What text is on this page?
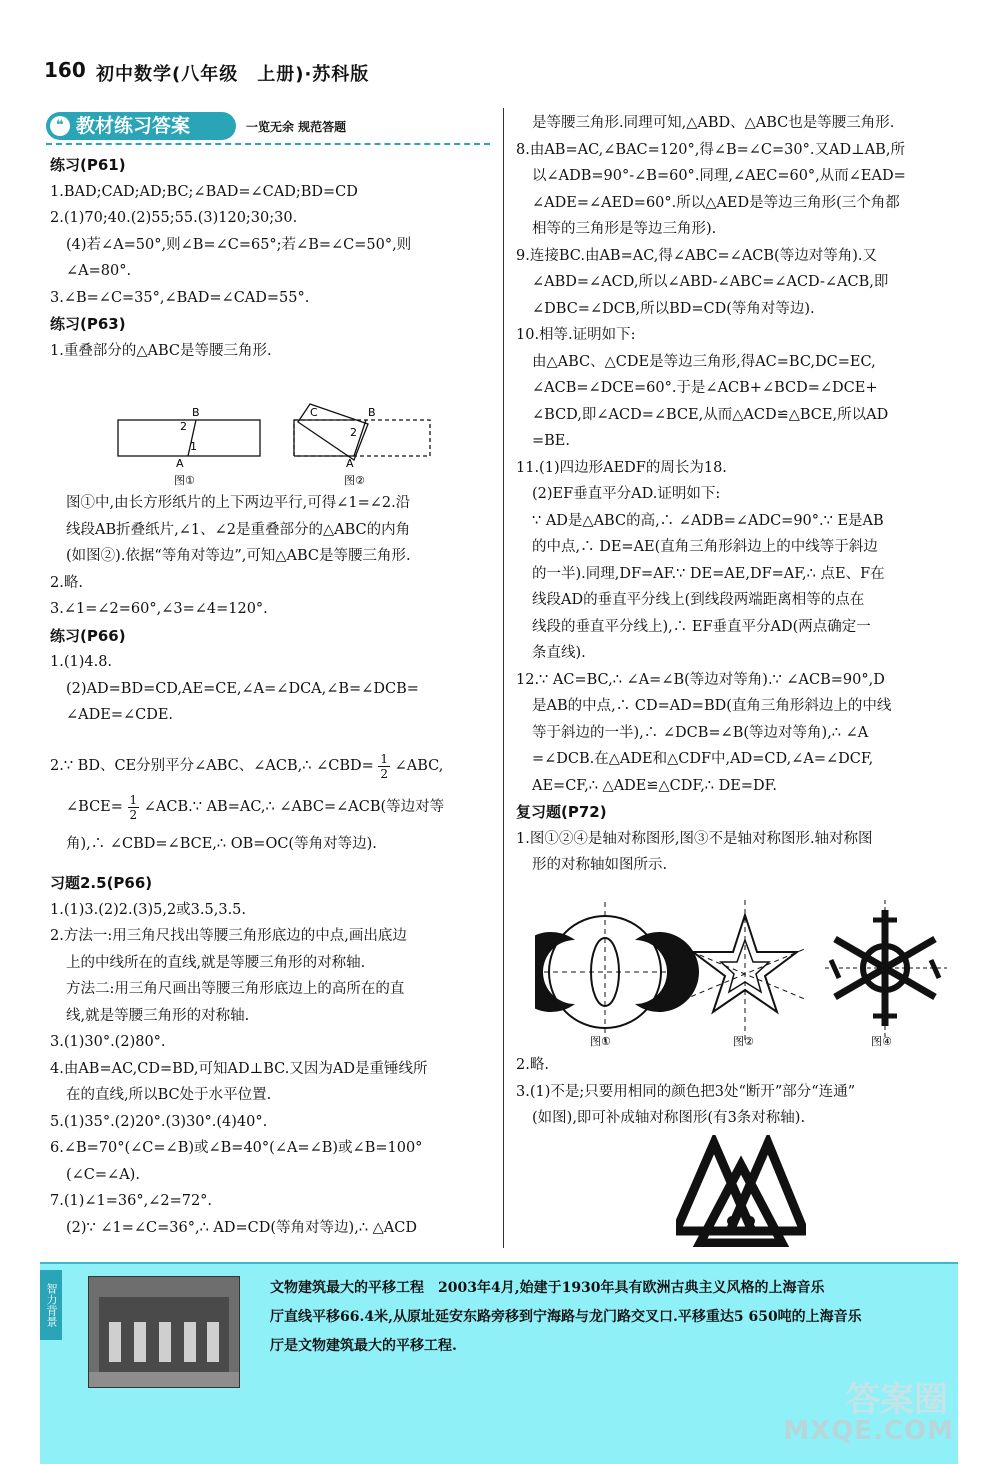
160 初中数学(八年级　上册)·苏科版
教材练习答案
❝	一览无余 规范答题

练习(P61)

1.BAD;CAD;AD;BC;∠BAD=∠CAD;BD=CD

2.(1)70;40.(2)55;55.(3)120;30;30.

(4)若∠A=50°,则∠B=∠C=65°;若∠B=∠C=50°,则

∠A=80°.

3.∠B=∠C=35°,∠BAD=∠CAD=55°.

练习(P63)

1.重叠部分的△ABC是等腰三角形.

B
2
1
A
图①
B
C
2
A
图②

图①中,由长方形纸片的上下两边平行,可得∠1=∠2.沿

线段AB折叠纸片,∠1、∠2是重叠部分的△ABC的内角

(如图②).依据“等角对等边”,可知△ABC是等腰三角形.

2.略.

3.∠1=∠2=60°,∠3=∠4=120°.

练习(P66)

1.(1)4.8.

(2)AD=BD=CD,AE=CE,∠A=∠DCA,∠B=∠DCB=

∠ADE=∠CDE.

2.∵ BD、CE分别平分∠ABC、∠ACB,∴ ∠CBD= $\frac{1}{2}$ ∠ABC,

∠BCE= $\frac{1}{2}$ ∠ACB.∵ AB=AC,∴ ∠ABC=∠ACB(等边对等

角),∴ ∠CBD=∠BCE,∴ OB=OC(等角对等边).

习题2.5(P66)

1.(1)3.(2)2.(3)5,2或3.5,3.5.

2.方法一:用三角尺找出等腰三角形底边的中点,画出底边

上的中线所在的直线,就是等腰三角形的对称轴.

方法二:用三角尺画出等腰三角形底边上的高所在的直

线,就是等腰三角形的对称轴.

3.(1)30°.(2)80°.

4.由AB=AC,CD=BD,可知AD⊥BC.又因为AD是重锤线所

在的直线,所以BC处于水平位置.

5.(1)35°.(2)20°.(3)30°.(4)40°.

6.∠B=70°(∠C=∠B)或∠B=40°(∠A=∠B)或∠B=100°

(∠C=∠A).

7.(1)∠1=36°,∠2=72°.

(2)∵ ∠1=∠C=36°,∴ AD=CD(等角对等边),∴ △ACD

是等腰三角形.同理可知,△ABD、△ABC也是等腰三角形.

8.由AB=AC,∠BAC=120°,得∠B=∠C=30°.又AD⊥AB,所

以∠ADB=90°-∠B=60°.同理,∠AEC=60°,从而∠EAD=

∠ADE=∠AED=60°.所以△AED是等边三角形(三个角都

相等的三角形是等边三角形).

9.连接BC.由AB=AC,得∠ABC=∠ACB(等边对等角).又

∠ABD=∠ACD,所以∠ABD-∠ABC=∠ACD-∠ACB,即

∠DBC=∠DCB,所以BD=CD(等角对等边).

10.相等.证明如下:

由△ABC、△CDE是等边三角形,得AC=BC,DC=EC,

∠ACB=∠DCE=60°.于是∠ACB+∠BCD=∠DCE+

∠BCD,即∠ACD=∠BCE,从而△ACD≌△BCE,所以AD

=BE.

11.(1)四边形AEDF的周长为18.

(2)EF垂直平分AD.证明如下:

∵ AD是△ABC的高,∴ ∠ADB=∠ADC=90°.∵ E是AB

的中点,∴ DE=AE(直角三角形斜边上的中线等于斜边

的一半).同理,DF=AF.∵ DE=AE,DF=AF,∴ 点E、F在

线段AD的垂直平分线上(到线段两端距离相等的点在

线段的垂直平分线上),∴ EF垂直平分AD(两点确定一

条直线).

12.∵ AC=BC,∴ ∠A=∠B(等边对等角).∵ ∠ACB=90°,D

是AB的中点,∴ CD=AD=BD(直角三角形斜边上的中线

等于斜边的一半),∴ ∠DCB=∠B(等边对等角),∴ ∠A

=∠DCB.在△ADE和△CDF中,AD=CD,∠A=∠DCF,

AE=CF,∴ △ADE≌△CDF,∴ DE=DF.

复习题(P72)

1.图①②④是轴对称图形,图③不是轴对称图形.轴对称图

形的对称轴如图所示.

图①	图②	图④

2.略.

3.(1)不是;只要用相同的颜色把3处“断开”部分“连通”

(如图),即可补成轴对称图形(有3条对称轴).

智力背景	文物建筑最大的平移工程　2003年4月,始建于1930年具有欧洲古典主义风格的上海音乐
厅直线平移66.4米,从原址延安东路旁移到宁海路与龙门路交叉口.平移重达5 650吨的上海音乐
厅是文物建筑最大的平移工程.
答案圈
MXQE.COM
